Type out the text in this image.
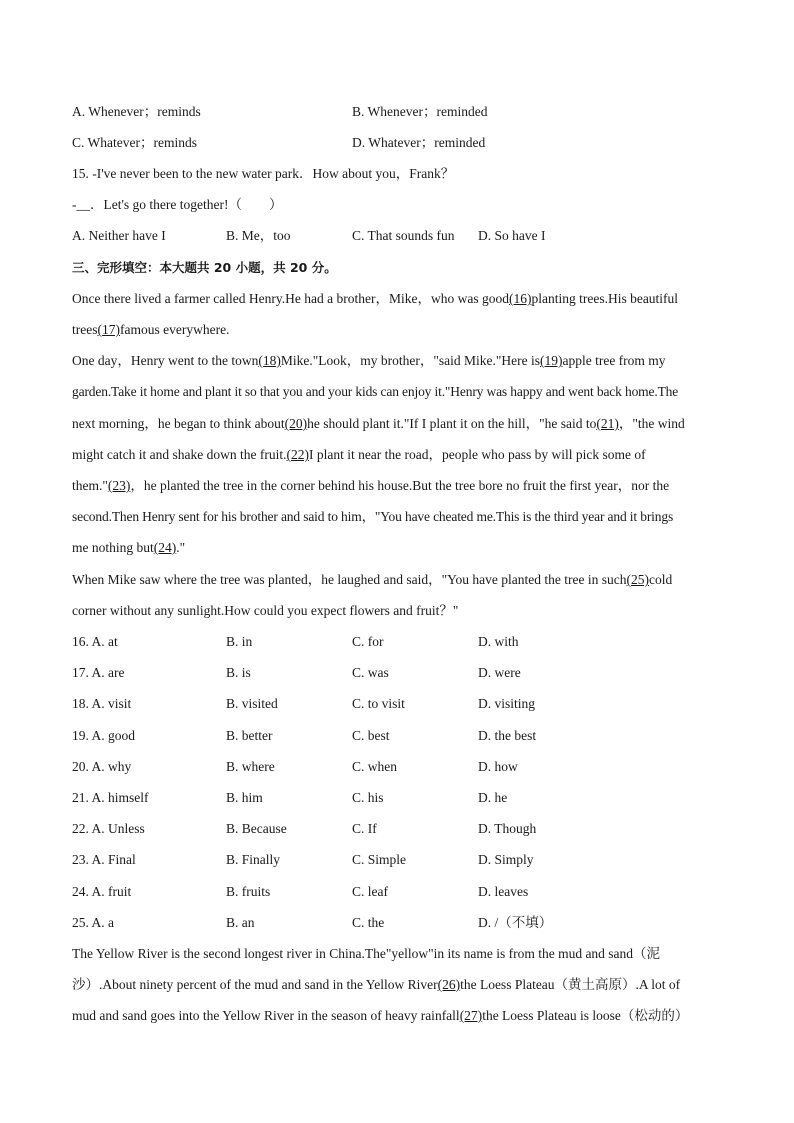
A. Whenever；reminds	B. Whenever；reminded
C. Whatever；reminds	D. Whatever；reminded
15. -I've never been to the new water park．How about you，Frank？
-__．Let's go there together!（　　）
A. Neither have I	B. Me，too	C. That sounds fun D. So have I
三、完形填空：本大题共 20 小题，共 20 分。
Once there lived a farmer called Henry.He had a brother，Mike，who was good(16)planting trees.His beautiful
trees(17)famous everywhere.
One day，Henry went to the town(18)Mike."Look，my brother，"said Mike."Here is(19)apple tree from my
garden.Take it home and plant it so that you and your kids can enjoy it."Henry was happy and went back home.The
next morning，he began to think about(20)he should plant it."If I plant it on the hill，"he said to(21)，"the wind
might catch it and shake down the fruit.(22)I plant it near the road，people who pass by will pick some of
them."(23)，he planted the tree in the corner behind his house.But the tree bore no fruit the first year，nor the
second.Then Henry sent for his brother and said to him，"You have cheated me.This is the third year and it brings
me nothing but(24)."
When Mike saw where the tree was planted，he laughed and said，"You have planted the tree in such(25)cold
corner without any sunlight.How could you expect flowers and fruit？"
16. A. at	B. in	C. for	D. with
17. A. are	B. is	C. was	D. were
18. A. visit	B. visited	C. to visit	D. visiting
19. A. good	B. better	C. best	D. the best
20. A. why	B. where	C. when	D. how
21. A. himself	B. him	C. his	D. he
22. A. Unless	B. Because	C. If	D. Though
23. A. Final	B. Finally	C. Simple	D. Simply
24. A. fruit	B. fruits	C. leaf	D. leaves
25. A. a	B. an	C. the	D. /（不填）
The Yellow River is the second longest river in China.The"yellow"in its name is from the mud and sand（泥
沙）.About ninety percent of the mud and sand in the Yellow River(26)the Loess Plateau（黄土高原）.A lot of
mud and sand goes into the Yellow River in the season of heavy rainfall(27)the Loess Plateau is loose（松动的）
